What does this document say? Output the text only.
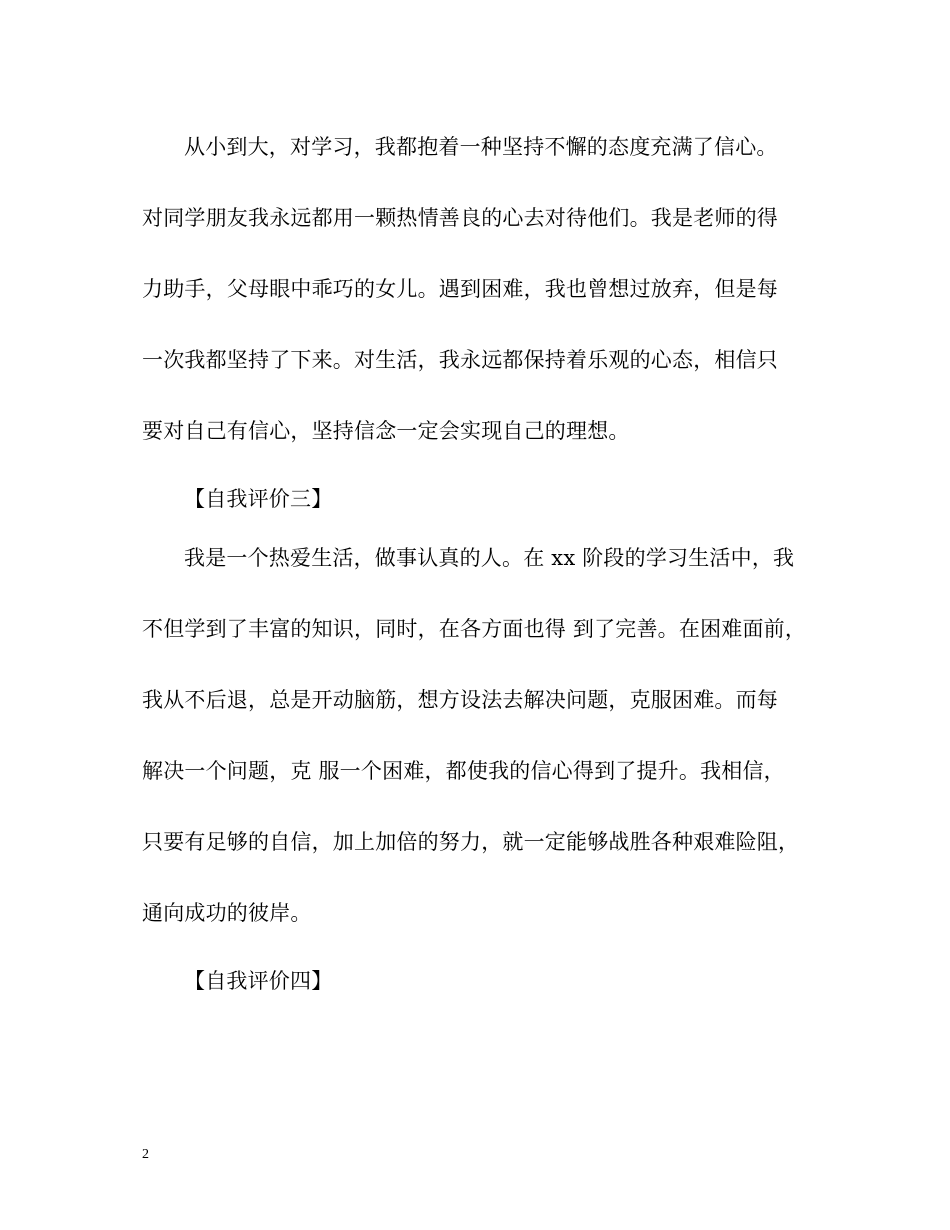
从小到大，对学习，我都抱着一种坚持不懈的态度充满了信心。
对同学朋友我永远都用一颗热情善良的心去对待他们。我是老师的得
力助手，父母眼中乖巧的女儿。遇到困难，我也曾想过放弃，但是每
一次我都坚持了下来。对生活，我永远都保持着乐观的心态，相信只
要对自己有信心，坚持信念一定会实现自己的理想。
【自我评价三】
我是一个热爱生活，做事认真的人。在 xx 阶段的学习生活中，我
不但学到了丰富的知识，同时，在各方面也得 到了完善。在困难面前，
我从不后退，总是开动脑筋，想方设法去解决问题，克服困难。而每
解决一个问题，克 服一个困难，都使我的信心得到了提升。我相信，
只要有足够的自信，加上加倍的努力，就一定能够战胜各种艰难险阻，
通向成功的彼岸。
【自我评价四】
2
